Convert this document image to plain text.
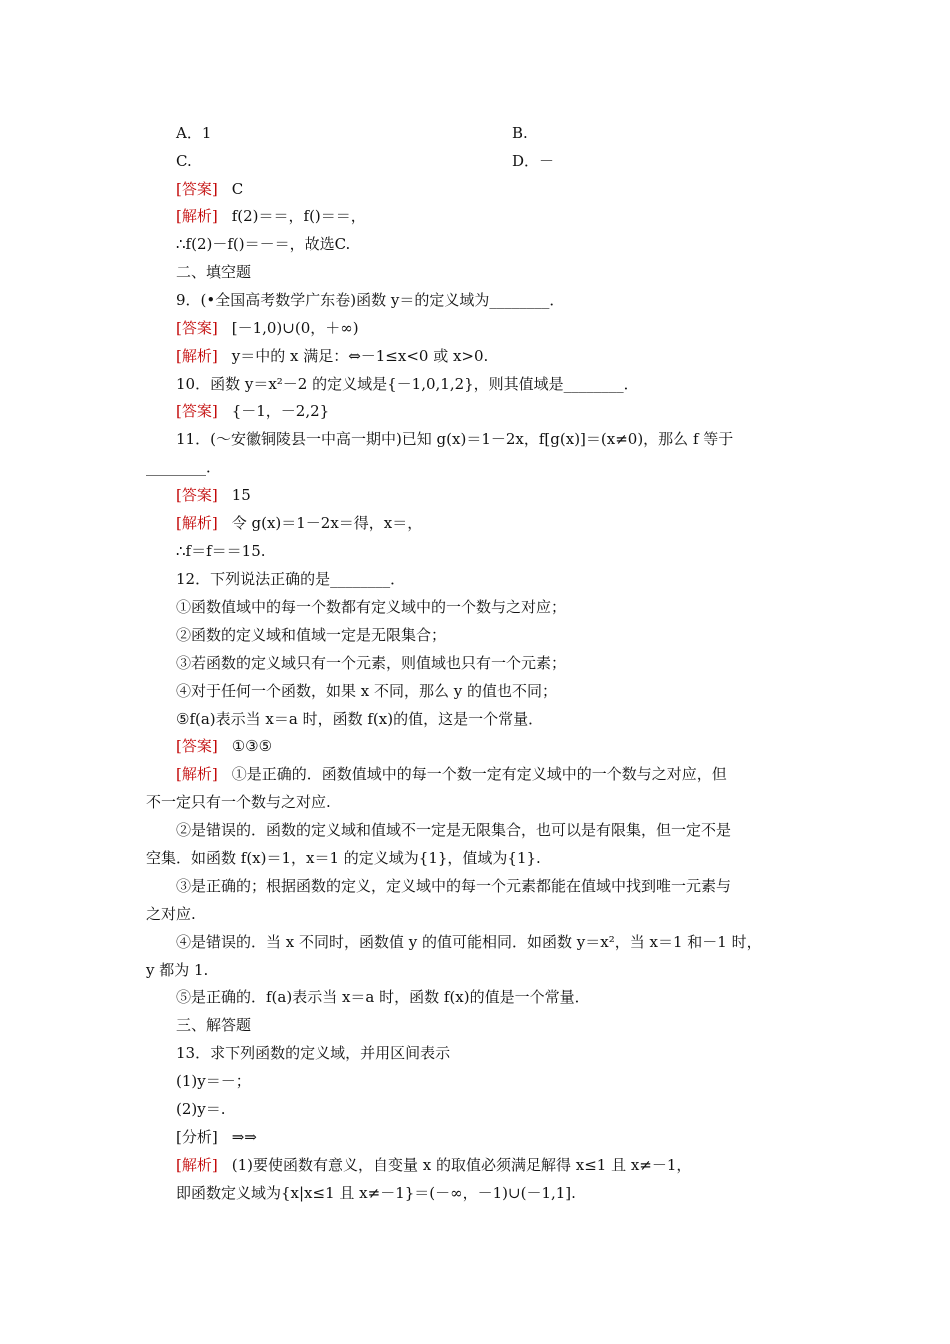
A．1	B.
C.	D．－
[答案] C
[解析] f(2)＝＝，f()＝＝，
∴f(2)－f()＝－＝，故选C.
二、填空题
9．(•全国高考数学广东卷)函数 y＝的定义域为________．
[答案] [－1,0)∪(0，＋∞)
[解析] y＝中的 x 满足：⇔－1≤x<0 或 x>0.
10．函数 y＝x²－2 的定义域是{－1,0,1,2}，则其值域是________．
[答案] {－1，－2,2}
11．(～安徽铜陵县一中高一期中)已知 g(x)＝1－2x，f[g(x)]＝(x≠0)，那么 f 等于
________．
[答案] 15
[解析] 令 g(x)＝1－2x＝得，x＝，
∴f＝f＝＝15.
12．下列说法正确的是________．
①函数值域中的每一个数都有定义域中的一个数与之对应；
②函数的定义域和值域一定是无限集合；
③若函数的定义域只有一个元素，则值域也只有一个元素；
④对于任何一个函数，如果 x 不同，那么 y 的值也不同；
⑤f(a)表示当 x＝a 时，函数 f(x)的值，这是一个常量．
[答案] ①③⑤
[解析] ①是正确的．函数值域中的每一个数一定有定义域中的一个数与之对应，但
不一定只有一个数与之对应.
②是错误的．函数的定义域和值域不一定是无限集合，也可以是有限集，但一定不是
空集．如函数 f(x)＝1，x＝1 的定义域为{1}，值域为{1}.
③是正确的；根据函数的定义，定义域中的每一个元素都能在值域中找到唯一元素与
之对应.
④是错误的．当 x 不同时，函数值 y 的值可能相同．如函数 y＝x²，当 x＝1 和－1 时，
y 都为 1.
⑤是正确的．f(a)表示当 x＝a 时，函数 f(x)的值是一个常量．
三、解答题
13．求下列函数的定义域，并用区间表示
(1)y＝－；
(2)y＝.
[分析] ⇒⇒
[解析] (1)要使函数有意义，自变量 x 的取值必须满足解得 x≤1 且 x≠－1，
即函数定义域为{x|x≤1 且 x≠－1}＝(－∞，－1)∪(－1,1].
